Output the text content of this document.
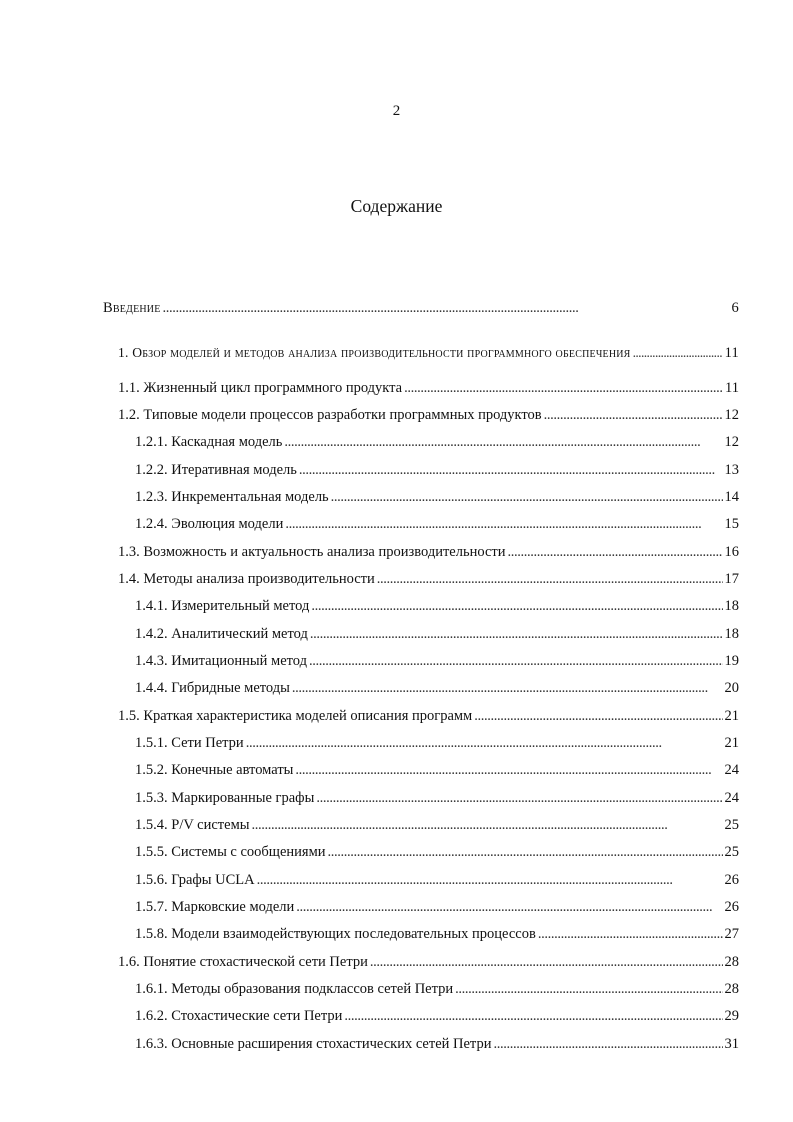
2
Содержание
Введение . . .	6
1. Обзор моделей и методов анализа производительности программного обеспечения . . .	11
1.1. Жизненный цикл программного продукта . . .	11
1.2. Типовые модели процессов разработки программных продуктов . . .	12
1.2.1. Каскадная модель . . .	12
1.2.2. Итеративная модель . . .	13
1.2.3. Инкрементальная модель . . .	14
1.2.4. Эволюция модели . . .	15
1.3. Возможность и актуальность анализа производительности . . .	16
1.4. Методы анализа производительности . . .	17
1.4.1. Измерительный метод . . .	18
1.4.2. Аналитический метод . . .	18
1.4.3. Имитационный метод . . .	19
1.4.4. Гибридные методы . . .	20
1.5. Краткая характеристика моделей описания программ . . .	21
1.5.1. Сети Петри . . .	21
1.5.2. Конечные автоматы . . .	24
1.5.3. Маркированные графы . . .	24
1.5.4. P/V системы . . .	25
1.5.5. Системы с сообщениями . . .	25
1.5.6. Графы UCLA . . .	26
1.5.7. Марковские модели . . .	26
1.5.8. Модели взаимодействующих последовательных процессов . . .	27
1.6. Понятие стохастической сети Петри . . .	28
1.6.1. Методы образования подклассов сетей Петри . . .	28
1.6.2. Стохастические сети Петри . . .	29
1.6.3. Основные расширения стохастических сетей Петри . . .	31
